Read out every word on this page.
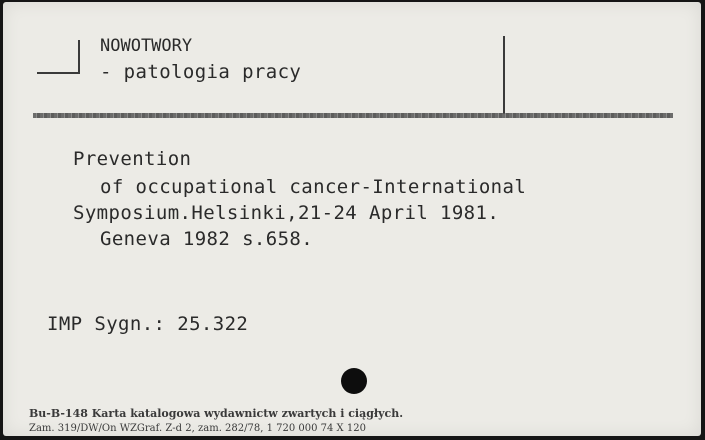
NOWOTWORY
- patologia pracy
Prevention
of occupational cancer-International
Symposium.Helsinki,21-24 April 1981.
Geneva 1982 s.658.
IMP Sygn.: 25.322
Bu-B-148 Karta katalogowa wydawnictw zwartych i ciągłych.
Zam. 319/DW/On WZGraf. Z-d 2, zam. 282/78, 1 720 000 74 X 120
